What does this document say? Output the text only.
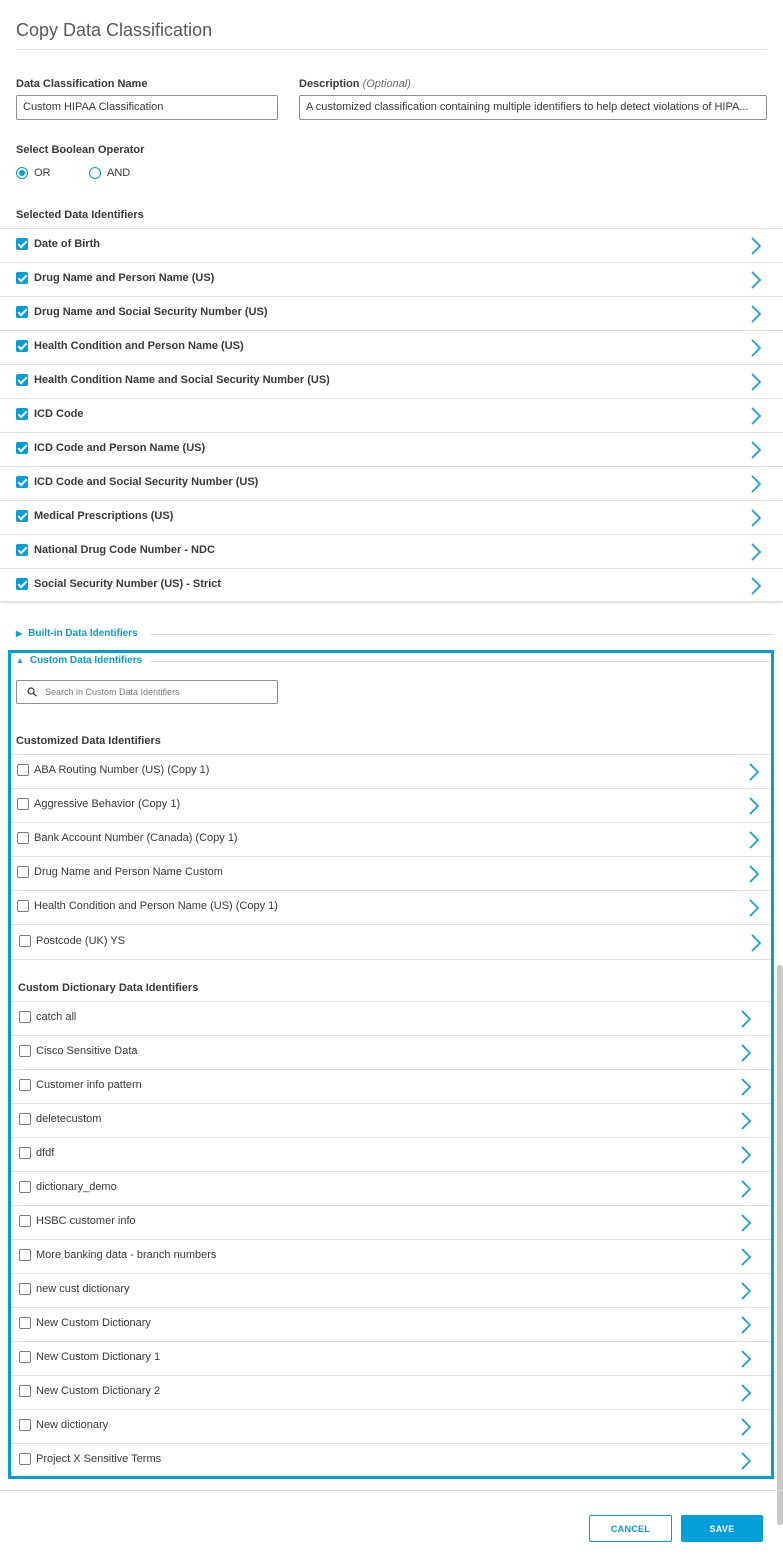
Copy Data Classification
Data Classification Name
Custom HIPAA Classification
Description (Optional)
A customized classification containing multiple identifiers to help detect violations of HIPA...
Select Boolean Operator
OR	AND
Selected Data Identifiers
Date of Birth
Drug Name and Person Name (US)
Drug Name and Social Security Number (US)
Health Condition and Person Name (US)
Health Condition Name and Social Security Number (US)
ICD Code
ICD Code and Person Name (US)
ICD Code and Social Security Number (US)
Medical Prescriptions (US)
National Drug Code Number - NDC
Social Security Number (US) - Strict
▶ Built-in Data Identifiers
▲ Custom Data Identifiers
Search in Custom Data Identifiers
Customized Data Identifiers
ABA Routing Number (US) (Copy 1)
Aggressive Behavior (Copy 1)
Bank Account Number (Canada) (Copy 1)
Drug Name and Person Name Custom
Health Condition and Person Name (US) (Copy 1)
Postcode (UK) YS
Custom Dictionary Data Identifiers
catch all
Cisco Sensitive Data
Customer info pattern
deletecustom
dfdf
dictionary_demo
HSBC customer info
More banking data - branch numbers
new cust dictionary
New Custom Dictionary
New Custom Dictionary 1
New Custom Dictionary 2
New dictionary
Project X Sensitive Terms
CANCEL	SAVE
